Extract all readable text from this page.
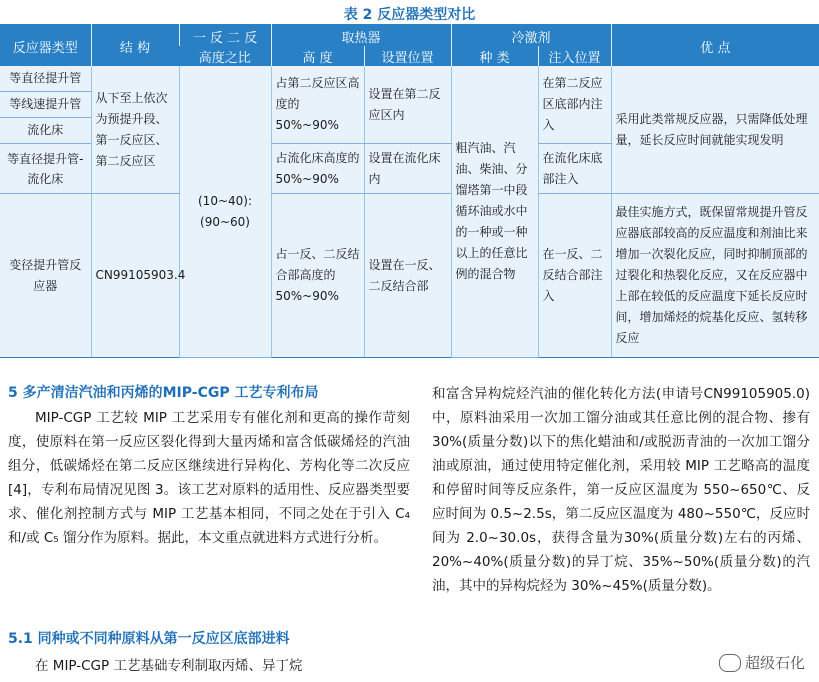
表 2 反应器类型对比
反应器类型	结 构	一 反 二 反	取热器		冷激剂		优 点
		高度之比	高 度	设置位置	种 类	注入位置	
等直径提升管	从下至上依次为预提升段、第一反应区、第二反应区	(10~40):(90~60)	占第二反应区高度的 50%~90%	设置在第二反应区内	粗汽油、汽油、柴油、分馏塔第一中段循环油或水中的一种或一种以上的任意比例的混合物	在第二反应区底部内注入	采用此类常规反应器，只需降低处理量，延长反应时间就能实现发明
等线速提升管							
流化床							
等直径提升管-流化床			占流化床高度的 50%~90%	设置在流化床内		在流化床底部注入	
变径提升管反应器	CN99105903.4		占一反、二反结合部高度的 50%~90%	设置在一反、二反结合部		在一反、二反结合部注入	最佳实施方式，既保留常规提升管反应器底部较高的反应温度和剂油比来增加一次裂化反应，同时抑制顶部的过裂化和热裂化反应，又在反应器中上部在较低的反应温度下延长反应时间，增加烯烃的烷基化反应、氢转移反应
5 多产清洁汽油和丙烯的MIP-CGP 工艺专利布局

MIP-CGP 工艺较 MIP 工艺采用专有催化剂和更高的操作苛刻度，使原料在第一反应区裂化得到大量丙烯和富含低碳烯烃的汽油组分，低碳烯烃在第二反应区继续进行异构化、芳构化等二次反应[4]，专利布局情况见图 3。该工艺对原料的适用性、反应器类型要求、催化剂控制方式与 MIP 工艺基本相同，不同之处在于引入 C₄ 和/或 C₅ 馏分作为原料。据此，本文重点就进料方式进行分析。

5.1 同种或不同种原料从第一反应区底部进料

在 MIP-CGP 工艺基础专利制取丙烯、异丁烷

和富含异构烷烃汽油的催化转化方法(申请号CN99105905.0)中，原料油采用一次加工馏分油或其任意比例的混合物、掺有 30%(质量分数)以下的焦化蜡油和/或脱沥青油的一次加工馏分油或原油，通过使用特定催化剂，采用较 MIP 工艺略高的温度和停留时间等反应条件，第一反应区温度为 550~650℃、反应时间为 0.5~2.5s，第二反应区温度为 480~550℃，反应时间为 2.0~30.0s，获得含量为30%(质量分数)左右的丙烯、20%~40%(质量分数)的异丁烷、35%~50%(质量分数)的汽油，其中的异构烷烃为 30%~45%(质量分数)。

超级石化
